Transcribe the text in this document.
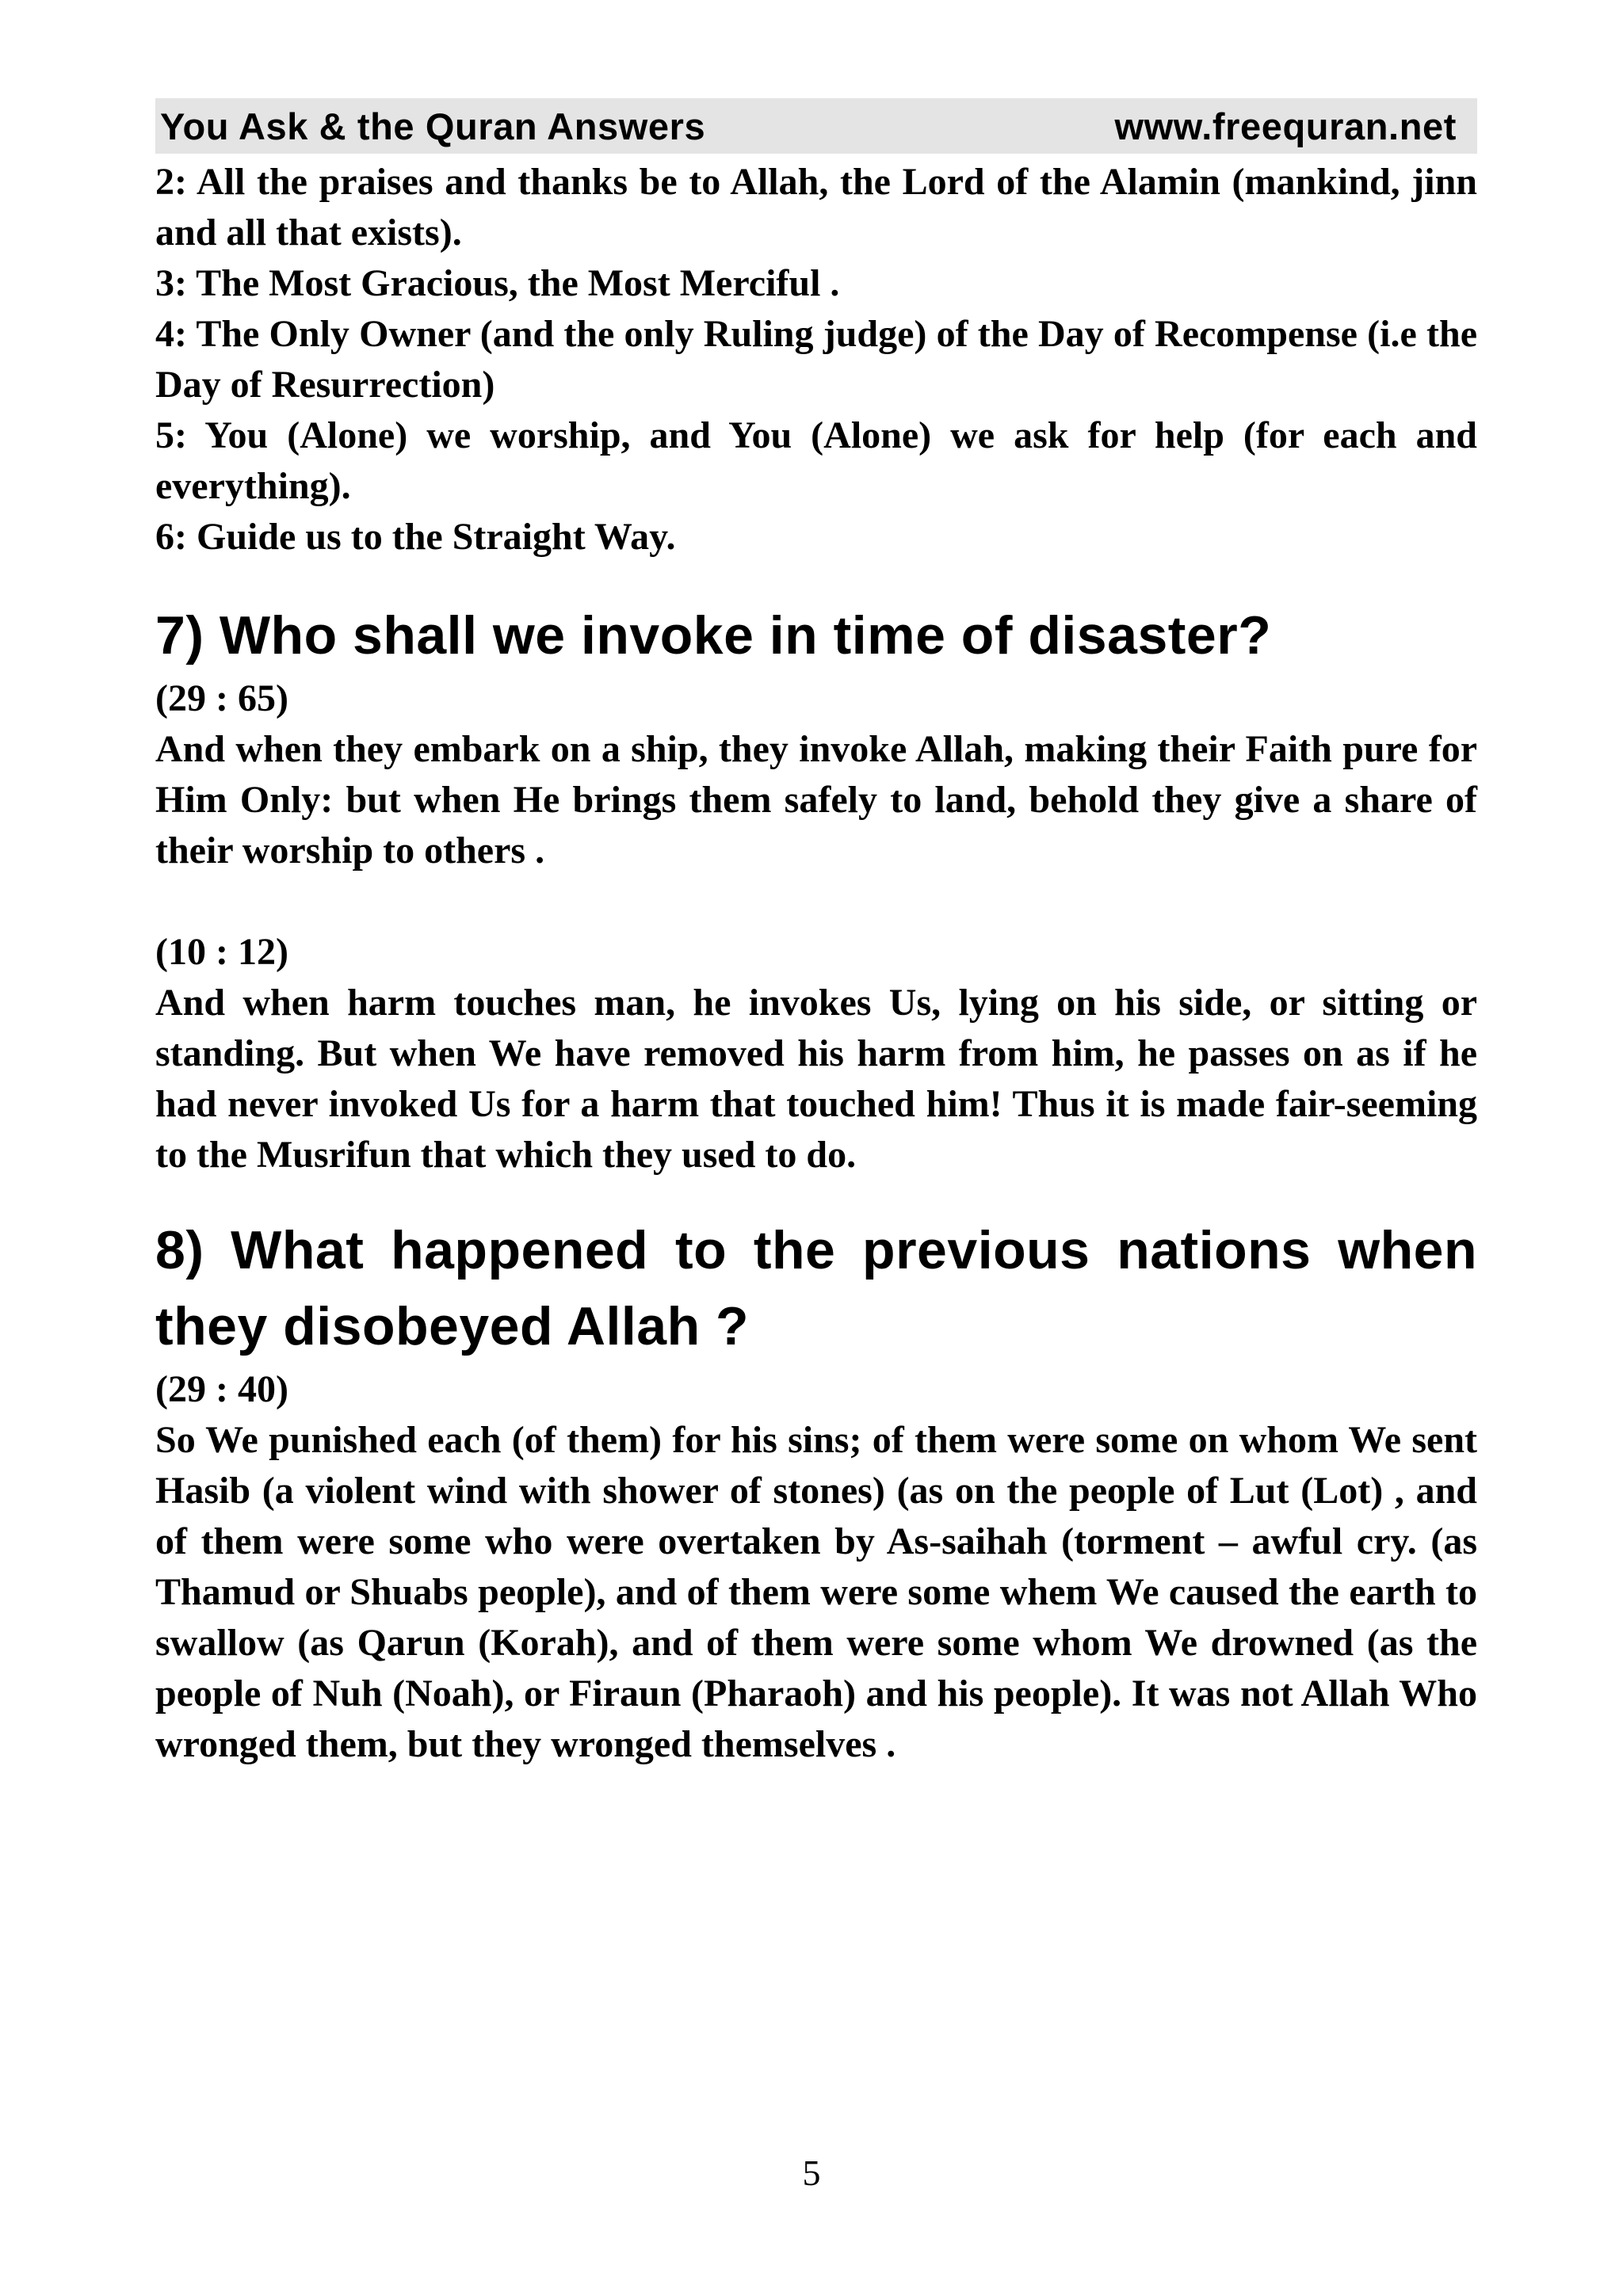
You Ask & the Quran Answers	www.freequran.net

2: All the praises and thanks be to Allah, the Lord of the Alamin (mankind, jinn and all that exists).

3: The Most Gracious, the Most Merciful .

4: The Only Owner (and the only Ruling judge) of the Day of Recompense (i.e the Day of Resurrection)

5: You (Alone) we worship, and You (Alone) we ask for help (for each and everything).

6: Guide us to the Straight Way.

7) Who shall we invoke in time of disaster?

(29 : 65)

And when they embark on a ship, they invoke Allah, making their Faith pure for Him Only: but when He brings them safely to land, behold they give a share of their worship to others .

(10 : 12)

And when harm touches man, he invokes Us, lying on his side, or sitting or standing. But when We have removed his harm from him, he passes on as if he had never invoked Us for a harm that touched him! Thus it is made fair-seeming to the Musrifun that which they used to do.

8) What happened to the previous nations when they disobeyed Allah ?

(29 : 40)

So We punished each (of them) for his sins; of them were some on whom We sent Hasib (a violent wind with shower of stones) (as on the people of Lut (Lot) , and of them were some who were overtaken by As-saihah (torment – awful cry. (as Thamud or Shuabs people), and of them were some whem We caused the earth to swallow (as Qarun (Korah), and of them were some whom We drowned (as the people of Nuh (Noah), or Firaun (Pharaoh) and his people). It was not Allah Who wronged them, but they wronged themselves .

5
